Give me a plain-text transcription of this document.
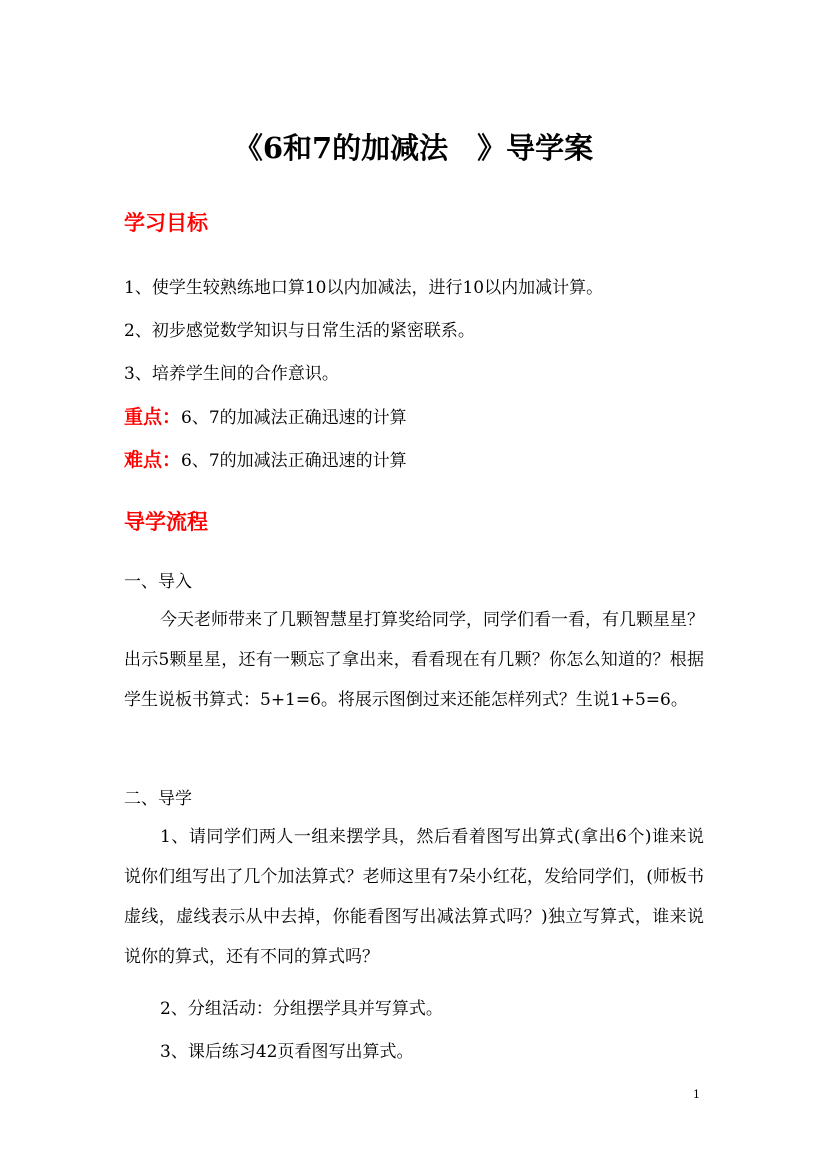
《6和7的加减法　》导学案
学习目标
1、使学生较熟练地口算10以内加减法，进行10以内加减计算。
2、初步感觉数学知识与日常生活的紧密联系。
3、培养学生间的合作意识。
重点：6、7的加减法正确迅速的计算
难点：6、7的加减法正确迅速的计算
导学流程
一、导入

今天老师带来了几颗智慧星打算奖给同学，同学们看一看，有几颗星星？出示5颗星星，还有一颗忘了拿出来，看看现在有几颗？你怎么知道的？根据学生说板书算式：5+1=6。将展示图倒过来还能怎样列式？生说1+5=6。

二、导学

1、请同学们两人一组来摆学具，然后看着图写出算式(拿出6个)谁来说说你们组写出了几个加法算式？老师这里有7朵小红花，发给同学们，(师板书虚线，虚线表示从中去掉，你能看图写出减法算式吗？)独立写算式，谁来说说你的算式，还有不同的算式吗？

2、分组活动：分组摆学具并写算式。

3、课后练习42页看图写出算式。

1
